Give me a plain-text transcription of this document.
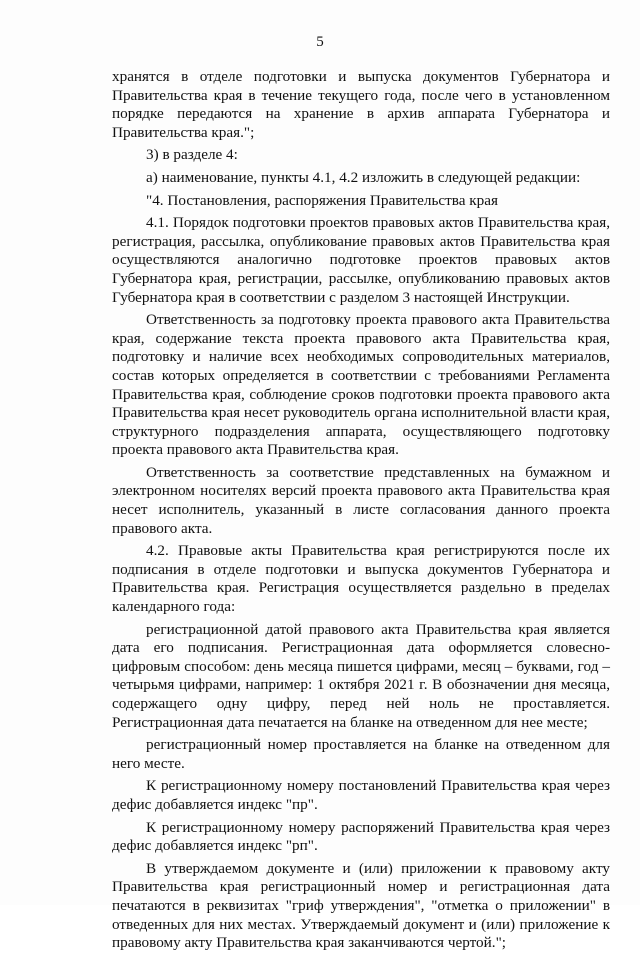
5

хранятся в отделе подготовки и выпуска документов Губернатора и Правительства края в течение текущего года, после чего в установленном порядке передаются на хранение в архив аппарата Губернатора и Правительства края.";

3) в разделе 4:

а) наименование, пункты 4.1, 4.2 изложить в следующей редакции:

"4. Постановления, распоряжения Правительства края

4.1. Порядок подготовки проектов правовых актов Правительства края, регистрация, рассылка, опубликование правовых актов Правительства края осуществляются аналогично подготовке проектов правовых актов Губернатора края, регистрации, рассылке, опубликованию правовых актов Губернатора края в соответствии с разделом 3 настоящей Инструкции.

Ответственность за подготовку проекта правового акта Правительства края, содержание текста проекта правового акта Правительства края, подготовку и наличие всех необходимых сопроводительных материалов, состав которых определяется в соответствии с требованиями Регламента Правительства края, соблюдение сроков подготовки проекта правового акта Правительства края несет руководитель органа исполнительной власти края, структурного подразделения аппарата, осуществляющего подготовку проекта правового акта Правительства края.

Ответственность за соответствие представленных на бумажном и электронном носителях версий проекта правового акта Правительства края несет исполнитель, указанный в листе согласования данного проекта правового акта.

4.2. Правовые акты Правительства края регистрируются после их подписания в отделе подготовки и выпуска документов Губернатора и Правительства края. Регистрация осуществляется раздельно в пределах календарного года:

регистрационной датой правового акта Правительства края является дата его подписания. Регистрационная дата оформляется словесно-цифровым способом: день месяца пишется цифрами, месяц – буквами, год – четырьмя цифрами, например: 1 октября 2021 г. В обозначении дня месяца, содержащего одну цифру, перед ней ноль не проставляется. Регистрационная дата печатается на бланке на отведенном для нее месте;

регистрационный номер проставляется на бланке на отведенном для него месте.

К регистрационному номеру постановлений Правительства края через дефис добавляется индекс "пр".

К регистрационному номеру распоряжений Правительства края через дефис добавляется индекс "рп".

В утверждаемом документе и (или) приложении к правовому акту Правительства края регистрационный номер и регистрационная дата печатаются в реквизитах "гриф утверждения", "отметка о приложении" в отведенных для них местах. Утверждаемый документ и (или) приложение к правовому акту Правительства края заканчиваются чертой.";
